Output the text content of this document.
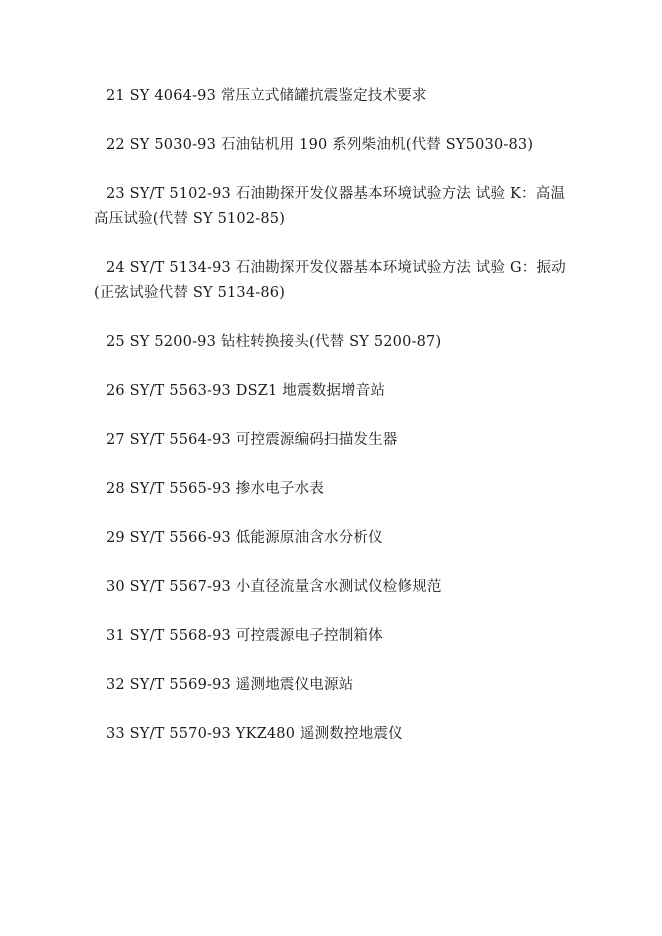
21 SY 4064-93 常压立式储罐抗震鉴定技术要求

22 SY 5030-93 石油钻机用 190 系列柴油机(代替 SY5030-83)

23 SY/T 5102-93 石油勘探开发仪器基本环境试验方法 试验 K：高温高压试验(代替 SY 5102-85)

24 SY/T 5134-93 石油勘探开发仪器基本环境试验方法 试验 G：振动(正弦试验代替 SY 5134-86)

25 SY 5200-93 钻柱转换接头(代替 SY 5200-87)

26 SY/T 5563-93 DSZ1 地震数据增音站

27 SY/T 5564-93 可控震源编码扫描发生器

28 SY/T 5565-93 掺水电子水表

29 SY/T 5566-93 低能源原油含水分析仪

30 SY/T 5567-93 小直径流量含水测试仪检修规范

31 SY/T 5568-93 可控震源电子控制箱体

32 SY/T 5569-93 遥测地震仪电源站

33 SY/T 5570-93 YKZ480 遥测数控地震仪
